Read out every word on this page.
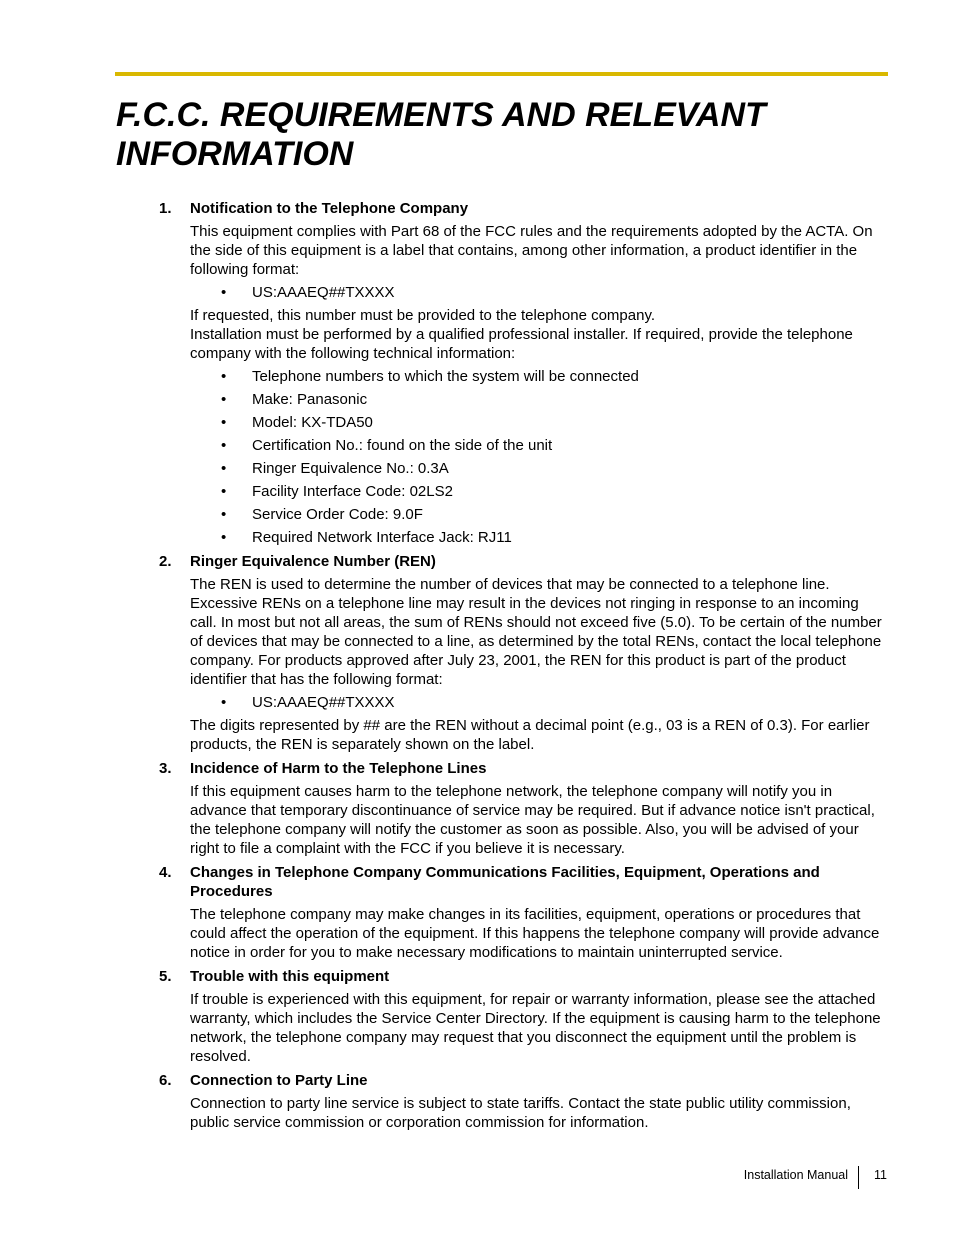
F.C.C. REQUIREMENTS AND RELEVANT INFORMATION
1. Notification to the Telephone Company

This equipment complies with Part 68 of the FCC rules and the requirements adopted by the ACTA. On the side of this equipment is a label that contains, among other information, a product identifier in the following format:

• US:AAAEQ##TXXXX

If requested, this number must be provided to the telephone company.

Installation must be performed by a qualified professional installer. If required, provide the telephone company with the following technical information:

• Telephone numbers to which the system will be connected
• Make: Panasonic
• Model: KX-TDA50
• Certification No.: found on the side of the unit
• Ringer Equivalence No.: 0.3A
• Facility Interface Code: 02LS2
• Service Order Code: 9.0F
• Required Network Interface Jack: RJ11
2. Ringer Equivalence Number (REN)

The REN is used to determine the number of devices that may be connected to a telephone line. Excessive RENs on a telephone line may result in the devices not ringing in response to an incoming call. In most but not all areas, the sum of RENs should not exceed five (5.0). To be certain of the number of devices that may be connected to a line, as determined by the total RENs, contact the local telephone company. For products approved after July 23, 2001, the REN for this product is part of the product identifier that has the following format:

• US:AAAEQ##TXXXX

The digits represented by ## are the REN without a decimal point (e.g., 03 is a REN of 0.3). For earlier products, the REN is separately shown on the label.

3. Incidence of Harm to the Telephone Lines

If this equipment causes harm to the telephone network, the telephone company will notify you in advance that temporary discontinuance of service may be required. But if advance notice isn't practical, the telephone company will notify the customer as soon as possible. Also, you will be advised of your right to file a complaint with the FCC if you believe it is necessary.

4. Changes in Telephone Company Communications Facilities, Equipment, Operations and Procedures

The telephone company may make changes in its facilities, equipment, operations or procedures that could affect the operation of the equipment. If this happens the telephone company will provide advance notice in order for you to make necessary modifications to maintain uninterrupted service.

5. Trouble with this equipment

If trouble is experienced with this equipment, for repair or warranty information, please see the attached warranty, which includes the Service Center Directory. If the equipment is causing harm to the telephone network, the telephone company may request that you disconnect the equipment until the problem is resolved.

6. Connection to Party Line

Connection to party line service is subject to state tariffs. Contact the state public utility commission, public service commission or corporation commission for information.

Installation Manual 11
